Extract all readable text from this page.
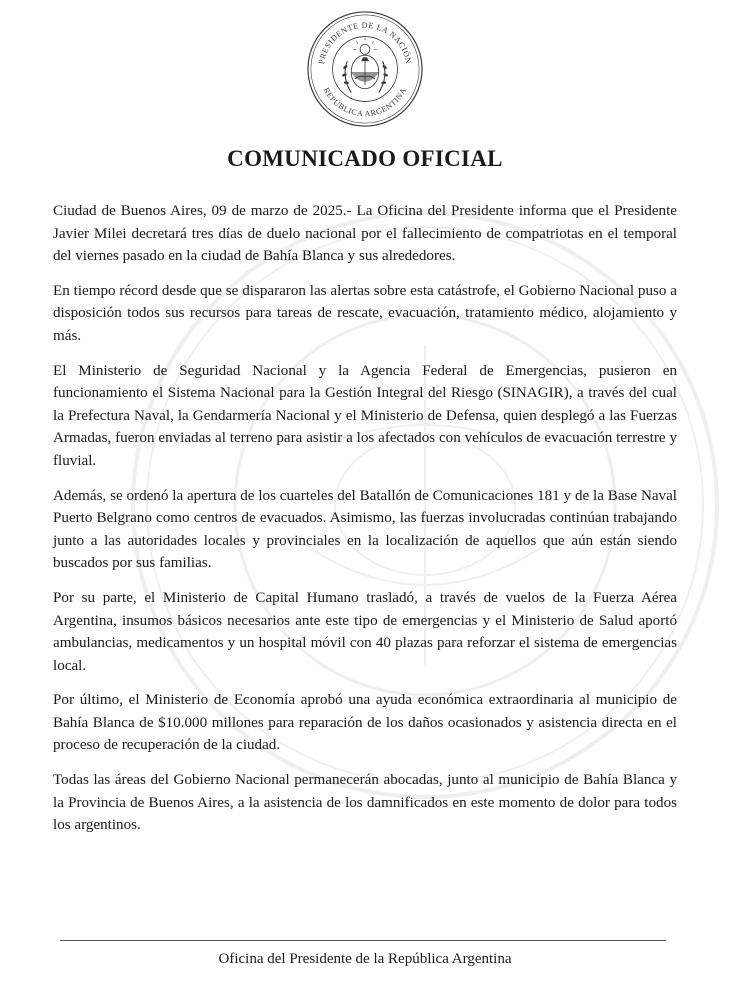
PRESIDENTE DE LA NACIÓN
REPÚBLICA ARGENTINA
COMUNICADO OFICIAL

Ciudad de Buenos Aires, 09 de marzo de 2025.- La Oficina del Presidente informa que el Presidente Javier Milei decretará tres días de duelo nacional por el fallecimiento de compatriotas en el temporal del viernes pasado en la ciudad de Bahía Blanca y sus alrededores.

En tiempo récord desde que se dispararon las alertas sobre esta catástrofe, el Gobierno Nacional puso a disposición todos sus recursos para tareas de rescate, evacuación, tratamiento médico, alojamiento y más.

El Ministerio de Seguridad Nacional y la Agencia Federal de Emergencias, pusieron en funcionamiento el Sistema Nacional para la Gestión Integral del Riesgo (SINAGIR), a través del cual la Prefectura Naval, la Gendarmería Nacional y el Ministerio de Defensa, quien desplegó a las Fuerzas Armadas, fueron enviadas al terreno para asistir a los afectados con vehículos de evacuación terrestre y fluvial.

Además, se ordenó la apertura de los cuarteles del Batallón de Comunicaciones 181 y de la Base Naval Puerto Belgrano como centros de evacuados. Asimismo, las fuerzas involucradas continúan trabajando junto a las autoridades locales y provinciales en la localización de aquellos que aún están siendo buscados por sus familias.

Por su parte, el Ministerio de Capital Humano trasladó, a través de vuelos de la Fuerza Aérea Argentina, insumos básicos necesarios ante este tipo de emergencias y el Ministerio de Salud aportó ambulancias, medicamentos y un hospital móvil con 40 plazas para reforzar el sistema de emergencias local.

Por último, el Ministerio de Economía aprobó una ayuda económica extraordinaria al municipio de Bahía Blanca de $10.000 millones para reparación de los daños ocasionados y asistencia directa en el proceso de recuperación de la ciudad.

Todas las áreas del Gobierno Nacional permanecerán abocadas, junto al municipio de Bahía Blanca y la Provincia de Buenos Aires, a la asistencia de los damnificados en este momento de dolor para todos los argentinos.

Oficina del Presidente de la República Argentina
